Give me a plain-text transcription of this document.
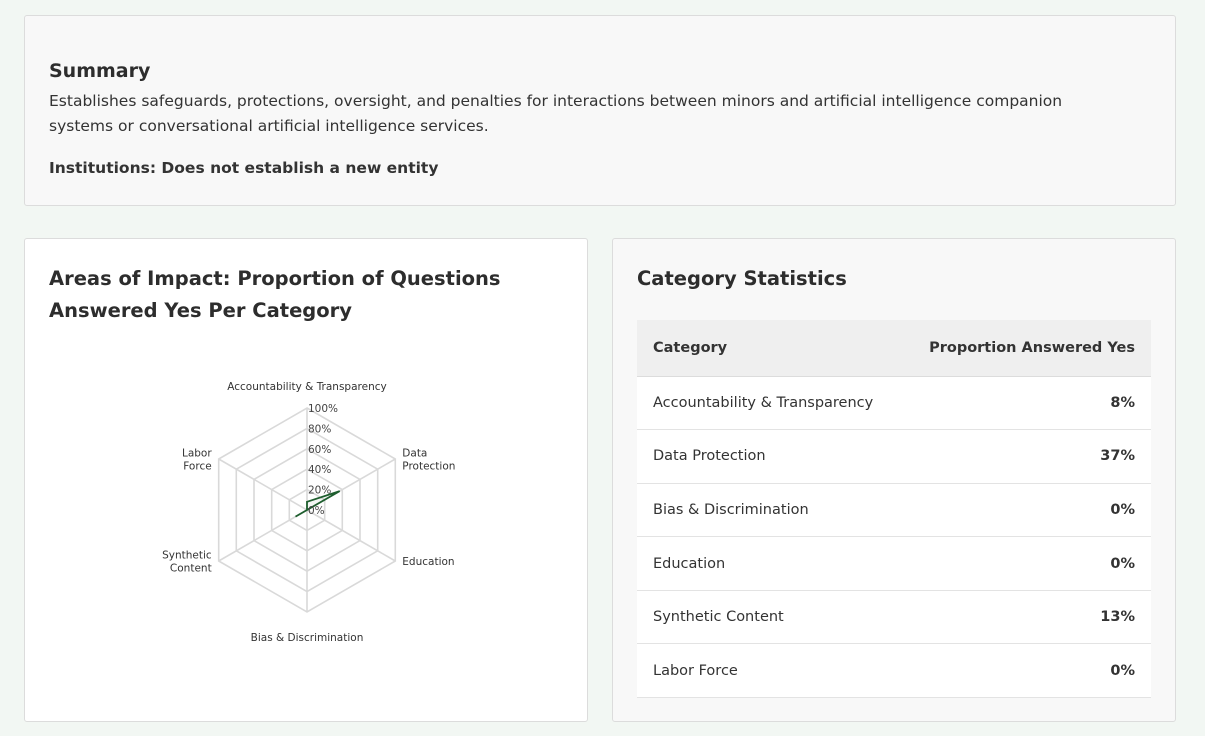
Summary
Establishes safeguards, protections, oversight, and penalties for interactions between minors and artificial intelligence companion systems or conversational artificial intelligence services.
Institutions: Does not establish a new entity
Areas of Impact: Proportion of Questions Answered Yes Per Category
0%
20%
40%
60%
80%
100%
Accountability & Transparency
Data Protection
Education
Bias & Discrimination
Synthetic Content
Labor Force
Category Statistics
Category	Proportion Answered Yes
Accountability & Transparency	8%
Data Protection	37%
Bias & Discrimination	0%
Education	0%
Synthetic Content	13%
Labor Force	0%
